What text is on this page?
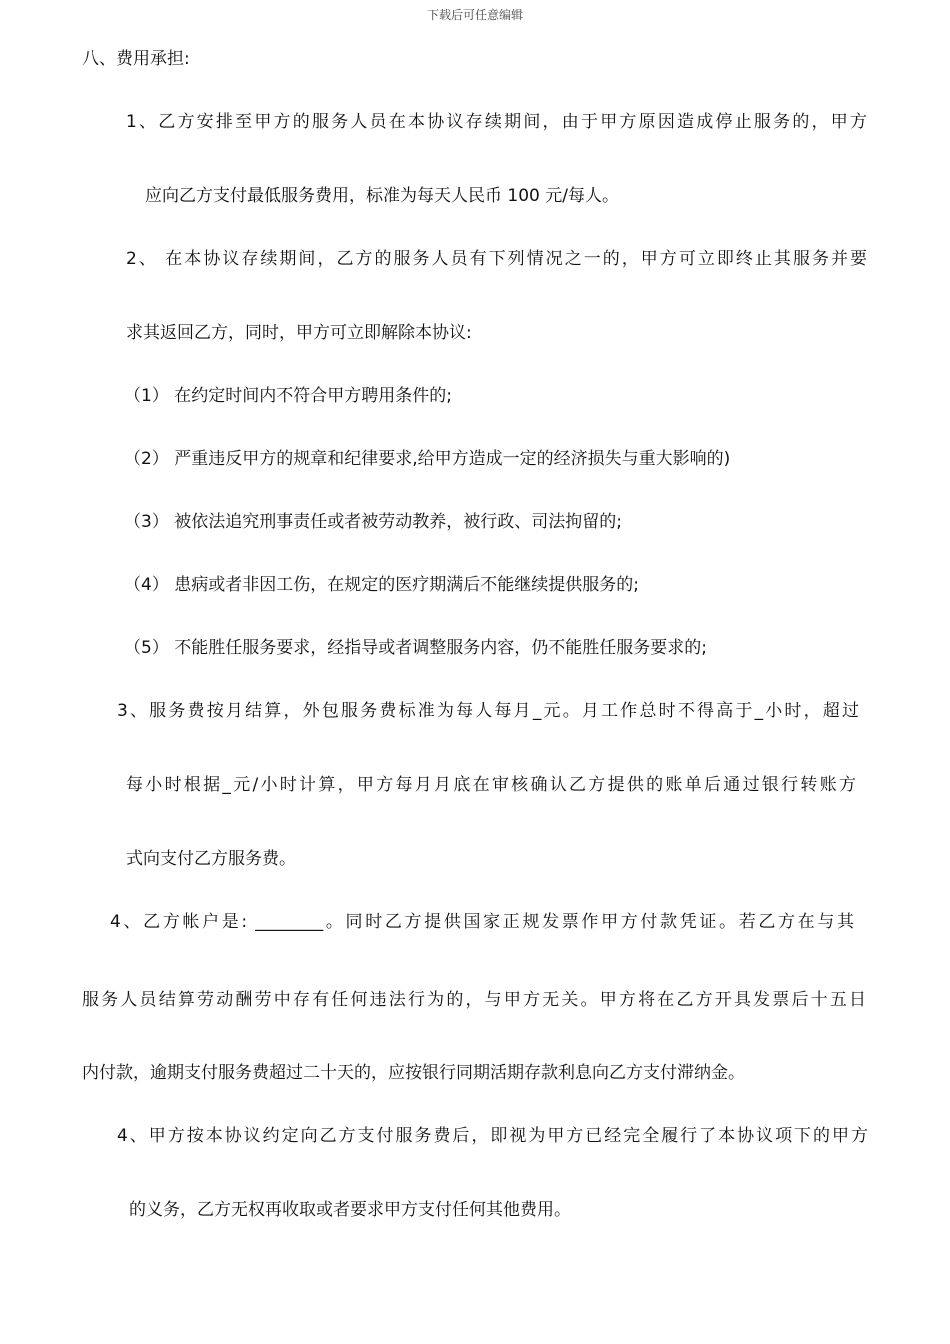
下载后可任意编辑
八、费用承担:
1、乙方安排至甲方的服务人员在本协议存续期间，由于甲方原因造成停止服务的，甲方
应向乙方支付最低服务费用，标准为每天人民币 100 元/每人。
2、 在本协议存续期间，乙方的服务人员有下列情况之一的，甲方可立即终止其服务并要
求其返回乙方，同时，甲方可立即解除本协议:
（1） 在约定时间内不符合甲方聘用条件的;
（2） 严重违反甲方的规章和纪律要求,给甲方造成一定的经济损失与重大影响的)
（3） 被依法追究刑事责任或者被劳动教养，被行政、司法拘留的;
（4） 患病或者非因工伤，在规定的医疗期满后不能继续提供服务的;
（5） 不能胜任服务要求，经指导或者调整服务内容，仍不能胜任服务要求的;
3、服务费按月结算，外包服务费标准为每人每月_元。月工作总时不得高于_小时，超过
每小时根据_元/小时计算，甲方每月月底在审核确认乙方提供的账单后通过银行转账方
式向支付乙方服务费。
4、乙方帐户是: ________。同时乙方提供国家正规发票作甲方付款凭证。若乙方在与其
服务人员结算劳动酬劳中存有任何违法行为的，与甲方无关。甲方将在乙方开具发票后十五日
内付款，逾期支付服务费超过二十天的，应按银行同期活期存款利息向乙方支付滞纳金。
4、甲方按本协议约定向乙方支付服务费后，即视为甲方已经完全履行了本协议项下的甲方
的义务，乙方无权再收取或者要求甲方支付任何其他费用。
